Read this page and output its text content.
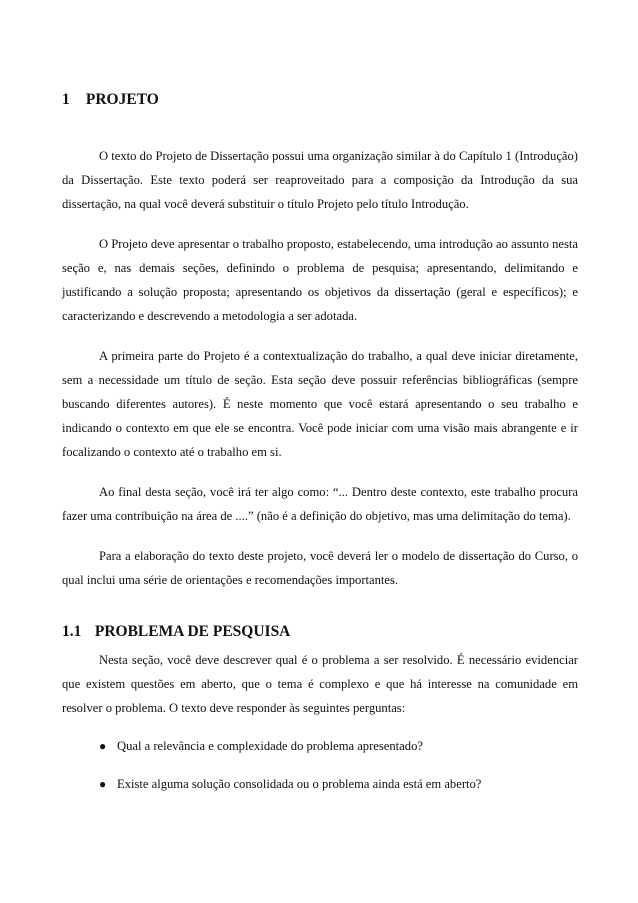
1 PROJETO

O texto do Projeto de Dissertação possui uma organização similar à do Capítulo 1 (Introdução) da Dissertação. Este texto poderá ser reaproveitado para a composição da Introdução da sua dissertação, na qual você deverá substituir o título Projeto pelo título Introdução.

O Projeto deve apresentar o trabalho proposto, estabelecendo, uma introdução ao assunto nesta seção e, nas demais seções, definindo o problema de pesquisa; apresentando, delimitando e justificando a solução proposta; apresentando os objetivos da dissertação (geral e específicos); e caracterizando e descrevendo a metodologia a ser adotada.

A primeira parte do Projeto é a contextualização do trabalho, a qual deve iniciar diretamente, sem a necessidade um título de seção. Esta seção deve possuir referências bibliográficas (sempre buscando diferentes autores). É neste momento que você estará apresentando o seu trabalho e indicando o contexto em que ele se encontra. Você pode iniciar com uma visão mais abrangente e ir focalizando o contexto até o trabalho em si.

Ao final desta seção, você irá ter algo como: “... Dentro deste contexto, este trabalho procura fazer uma contribuição na área de ....” (não é a definição do objetivo, mas uma delimitação do tema).

Para a elaboração do texto deste projeto, você deverá ler o modelo de dissertação do Curso, o qual inclui uma série de orientações e recomendações importantes.

1.1 PROBLEMA DE PESQUISA

Nesta seção, você deve descrever qual é o problema a ser resolvido. É necessário evidenciar que existem questões em aberto, que o tema é complexo e que há interesse na comunidade em resolver o problema. O texto deve responder às seguintes perguntas:

● Qual a relevância e complexidade do problema apresentado?
● Existe alguma solução consolidada ou o problema ainda está em aberto?
